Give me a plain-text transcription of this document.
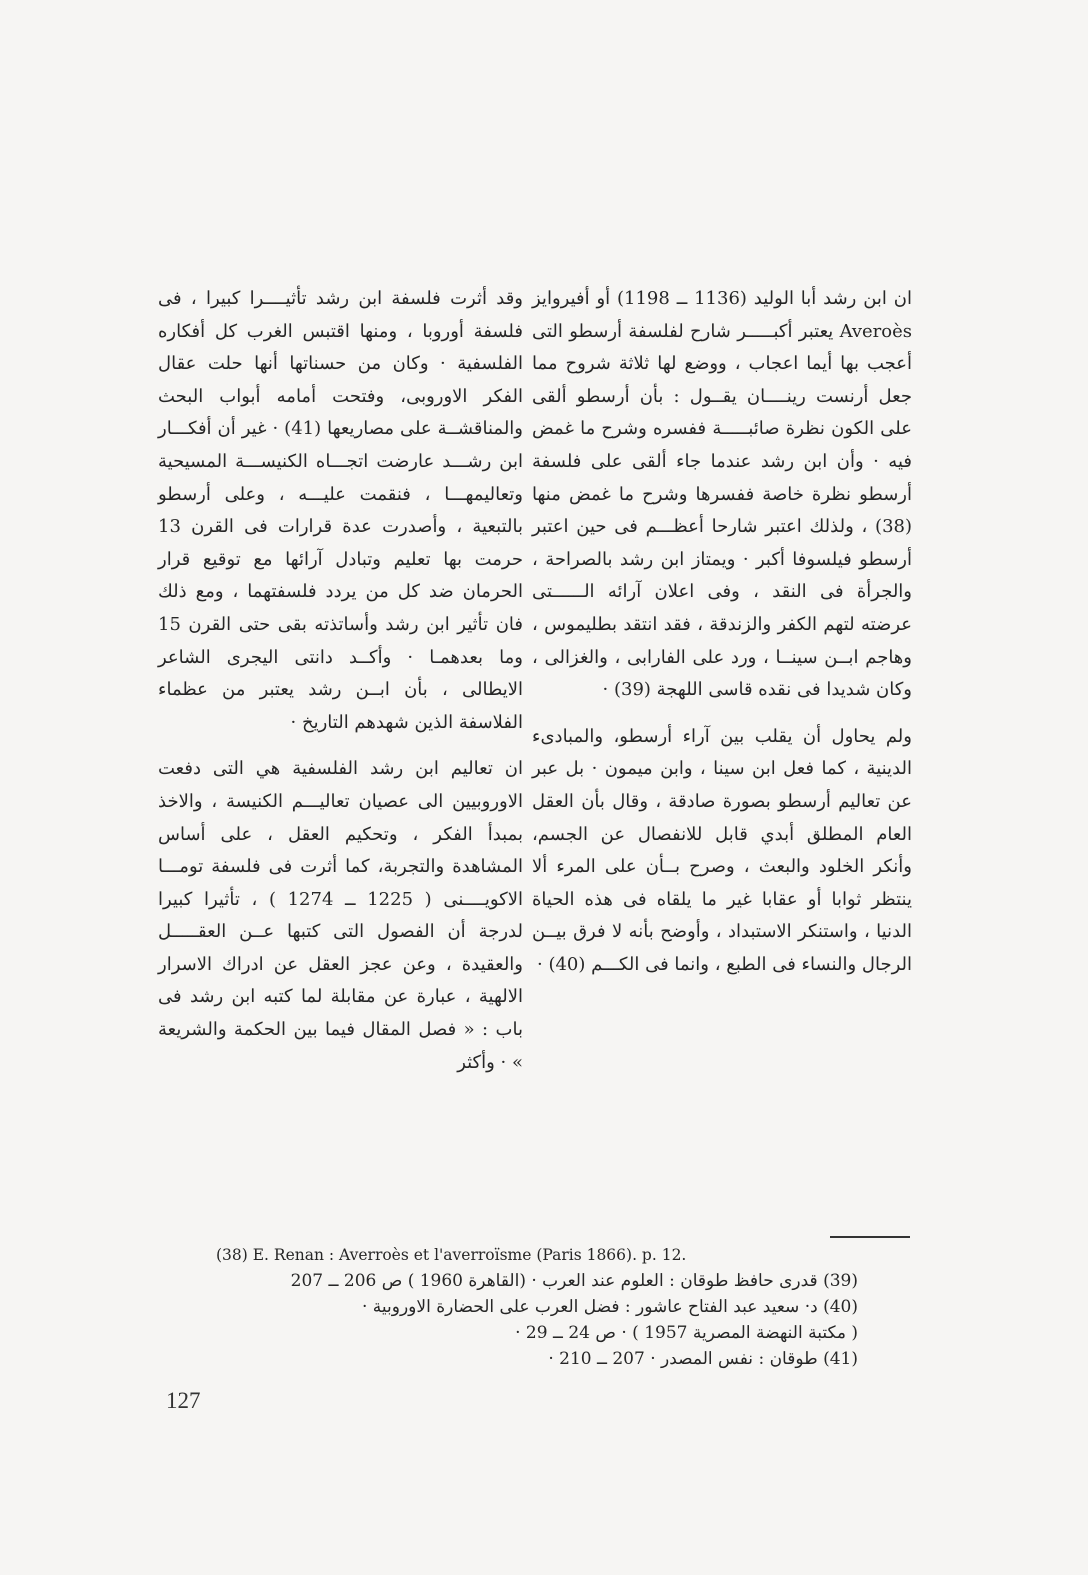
ان ابن رشد أبا الوليد (1136 ــ 1198) أو أفيروايز Averoès يعتبر أكبـــــر شارح لفلسفة أرسطو التى أعجب بها أيما اعجاب ، ووضع لها ثلاثة شروح مما جعل أرنست رينــــان يقــول : بأن أرسطو ألقى على الكون نظرة صائبـــــة ففسره وشرح ما غمض فيه · وأن ابن رشد عندما جاء ألقى على فلسفة أرسطو نظرة خاصة ففسرها وشرح ما غمض منها (38) ، ولذلك اعتبر شارحا أعظـــم فى حين اعتبر أرسطو فيلسوفا أكبر · ويمتاز ابن رشد بالصراحة ، والجرأة فى النقد ، وفى اعلان آرائه الــــــتى عرضته لتهم الكفر والزندقة ، فقد انتقد بطليموس ، وهاجم ابــن سينــا ، ورد على الفارابى ، والغزالى ، وكان شديدا فى نقده قاسى اللهجة (39) ·

ولم يحاول أن يقلب بين آراء أرسطو، والمبادىء الدينية ، كما فعل ابن سينا ، وابن ميمون · بل عبر عن تعاليم أرسطو بصورة صادقة ، وقال بأن العقل العام المطلق أبدي قابل للانفصال عن الجسم، وأنكر الخلود والبعث ، وصرح بــأن على المرء ألا ينتظر ثوابا أو عقابا غير ما يلقاه فى هذه الحياة الدنيا ، واستنكر الاستبداد ، وأوضح بأنه لا فرق بيــن الرجال والنساء فى الطبع ، وانما فى الكـــم (40) ·

وقد أثرت فلسفة ابن رشد تأثيــــرا كبيرا ، فى فلسفة أوروبا ، ومنها اقتبس الغرب كل أفكاره الفلسفية · وكان من حسناتها أنها حلت عقال الفكر الاوروبى، وفتحت أمامه أبواب البحث والمناقشــة على مصاريعها (41) · غير أن أفكـــار ابن رشـــد عارضت اتجـــاه الكنيســـة المسيحية وتعاليمهـــا ، فنقمت عليـــه ، وعلى أرسطو بالتبعية ، وأصدرت عدة قرارات فى القرن 13 حرمت بها تعليم وتبادل آرائها مع توقيع قرار الحرمان ضد كل من يردد فلسفتهما ، ومع ذلك فان تأثير ابن رشد وأساتذته بقى حتى القرن 15 وما بعدهمـا · وأكــد دانتى اليجرى الشاعر الايطالى ، بأن ابــن رشد يعتبر من عظماء الفلاسفة الذين شهدهم التاريخ ·

ان تعاليم ابن رشد الفلسفية هي التى دفعت الاوروبيين الى عصيان تعاليـــم الكنيسة ، والاخذ بمبدأ الفكر ، وتحكيم العقل ، على أساس المشاهدة والتجربة، كما أثرت فى فلسفة تومـــا الاكويــــنى ( 1225 ــ 1274 ) ، تأثيرا كبيرا لدرجة أن الفصول التى كتبها عــن العقـــــل والعقيدة ، وعن عجز العقل عن ادراك الاسرار الالهية ، عبارة عن مقابلة لما كتبه ابن رشد فى باب : « فصل المقال فيما بين الحكمة والشريعة » · وأكثر

(38) E. Renan : Averroès et l'averroïsme (Paris 1866). p. 12.
(39) قدرى حافظ طوقان : العلوم عند العرب · (القاهرة 1960 ) ص 206 ــ 207
(40) د· سعيد عبد الفتاح عاشور : فضل العرب على الحضارة الاوروبية ·
( مكتبة النهضة المصرية 1957 ) · ص 24 ــ 29 ·
(41) طوقان : نفس المصدر · 207 ــ 210 ·
127
